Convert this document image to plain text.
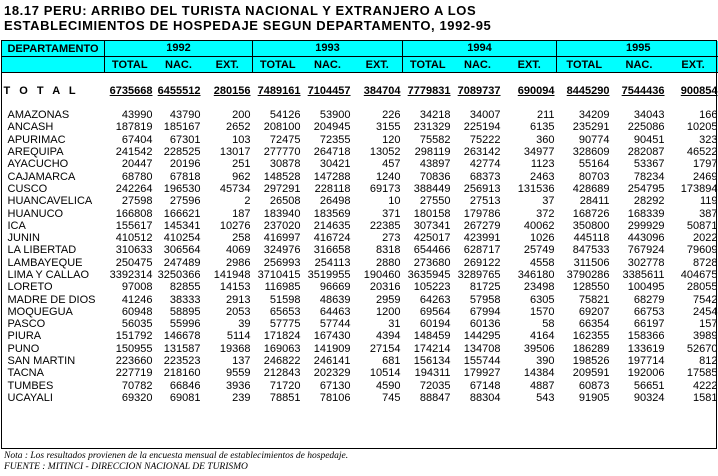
18.17 PERU: ARRIBO DEL TURISTA NACIONAL Y EXTRANJERO A LOS
ESTABLECIMIENTOS DE HOSPEDAJE SEGUN DEPARTAMENTO, 1992-95
DEPARTAMENTO	1992			1993			1994			1995		
	TOTAL	NAC.	EXT.	TOTAL	NAC.	EXT.	TOTAL	NAC.	EXT.	TOTAL	NAC.	EXT.

T O T A L	6735668	6455512	280156	7489161	7104457	384704	7779831	7089737	690094	8445290	7544436	900854

AMAZONAS	43990	43790	200	54126	53900	226	34218	34007	211	34209	34043	166
ANCASH	187819	185167	2652	208100	204945	3155	231329	225194	6135	235291	225086	10205
APURIMAC	67404	67301	103	72475	72355	120	75582	75222	360	90774	90451	323
AREQUIPA	241542	228525	13017	277770	264718	13052	298119	263142	34977	328609	282087	46522
AYACUCHO	20447	20196	251	30878	30421	457	43897	42774	1123	55164	53367	1797
CAJAMARCA	68780	67818	962	148528	147288	1240	70836	68373	2463	80703	78234	2469
CUSCO	242264	196530	45734	297291	228118	69173	388449	256913	131536	428689	254795	173894
HUANCAVELICA	27598	27596	2	26508	26498	10	27550	27513	37	28411	28292	119
HUANUCO	166808	166621	187	183940	183569	371	180158	179786	372	168726	168339	387
ICA	155617	145341	10276	237020	214635	22385	307341	267279	40062	350800	299929	50871
JUNIN	410512	410254	258	416997	416724	273	425017	423991	1026	445118	443096	2022
LA LIBERTAD	310633	306564	4069	324976	316658	8318	654466	628717	25749	847533	767924	79609
LAMBAYEQUE	250475	247489	2986	256993	254113	2880	273680	269122	4558	311506	302778	8728
LIMA Y CALLAO	3392314	3250366	141948	3710415	3519955	190460	3635945	3289765	346180	3790286	3385611	404675
LORETO	97008	82855	14153	116985	96669	20316	105223	81725	23498	128550	100495	28055
MADRE DE DIOS	41246	38333	2913	51598	48639	2959	64263	57958	6305	75821	68279	7542
MOQUEGUA	60948	58895	2053	65653	64463	1200	69564	67994	1570	69207	66753	2454
PASCO	56035	55996	39	57775	57744	31	60194	60136	58	66354	66197	157
PIURA	151792	146678	5114	171824	167430	4394	148459	144295	4164	162355	158366	3989
PUNO	150955	131587	19368	169063	141909	27154	174214	134708	39506	186289	133619	52670
SAN MARTIN	223660	223523	137	246822	246141	681	156134	155744	390	198526	197714	812
TACNA	227719	218160	9559	212843	202329	10514	194311	179927	14384	209591	192006	17585
TUMBES	70782	66846	3936	71720	67130	4590	72035	67148	4887	60873	56651	4222
UCAYALI	69320	69081	239	78851	78106	745	88847	88304	543	91905	90324	1581
Nota : Los resultados provienen de la encuesta mensual de establecimientos de hospedaje.
FUENTE : MITINCI - DIRECCION NACIONAL DE TURISMO
